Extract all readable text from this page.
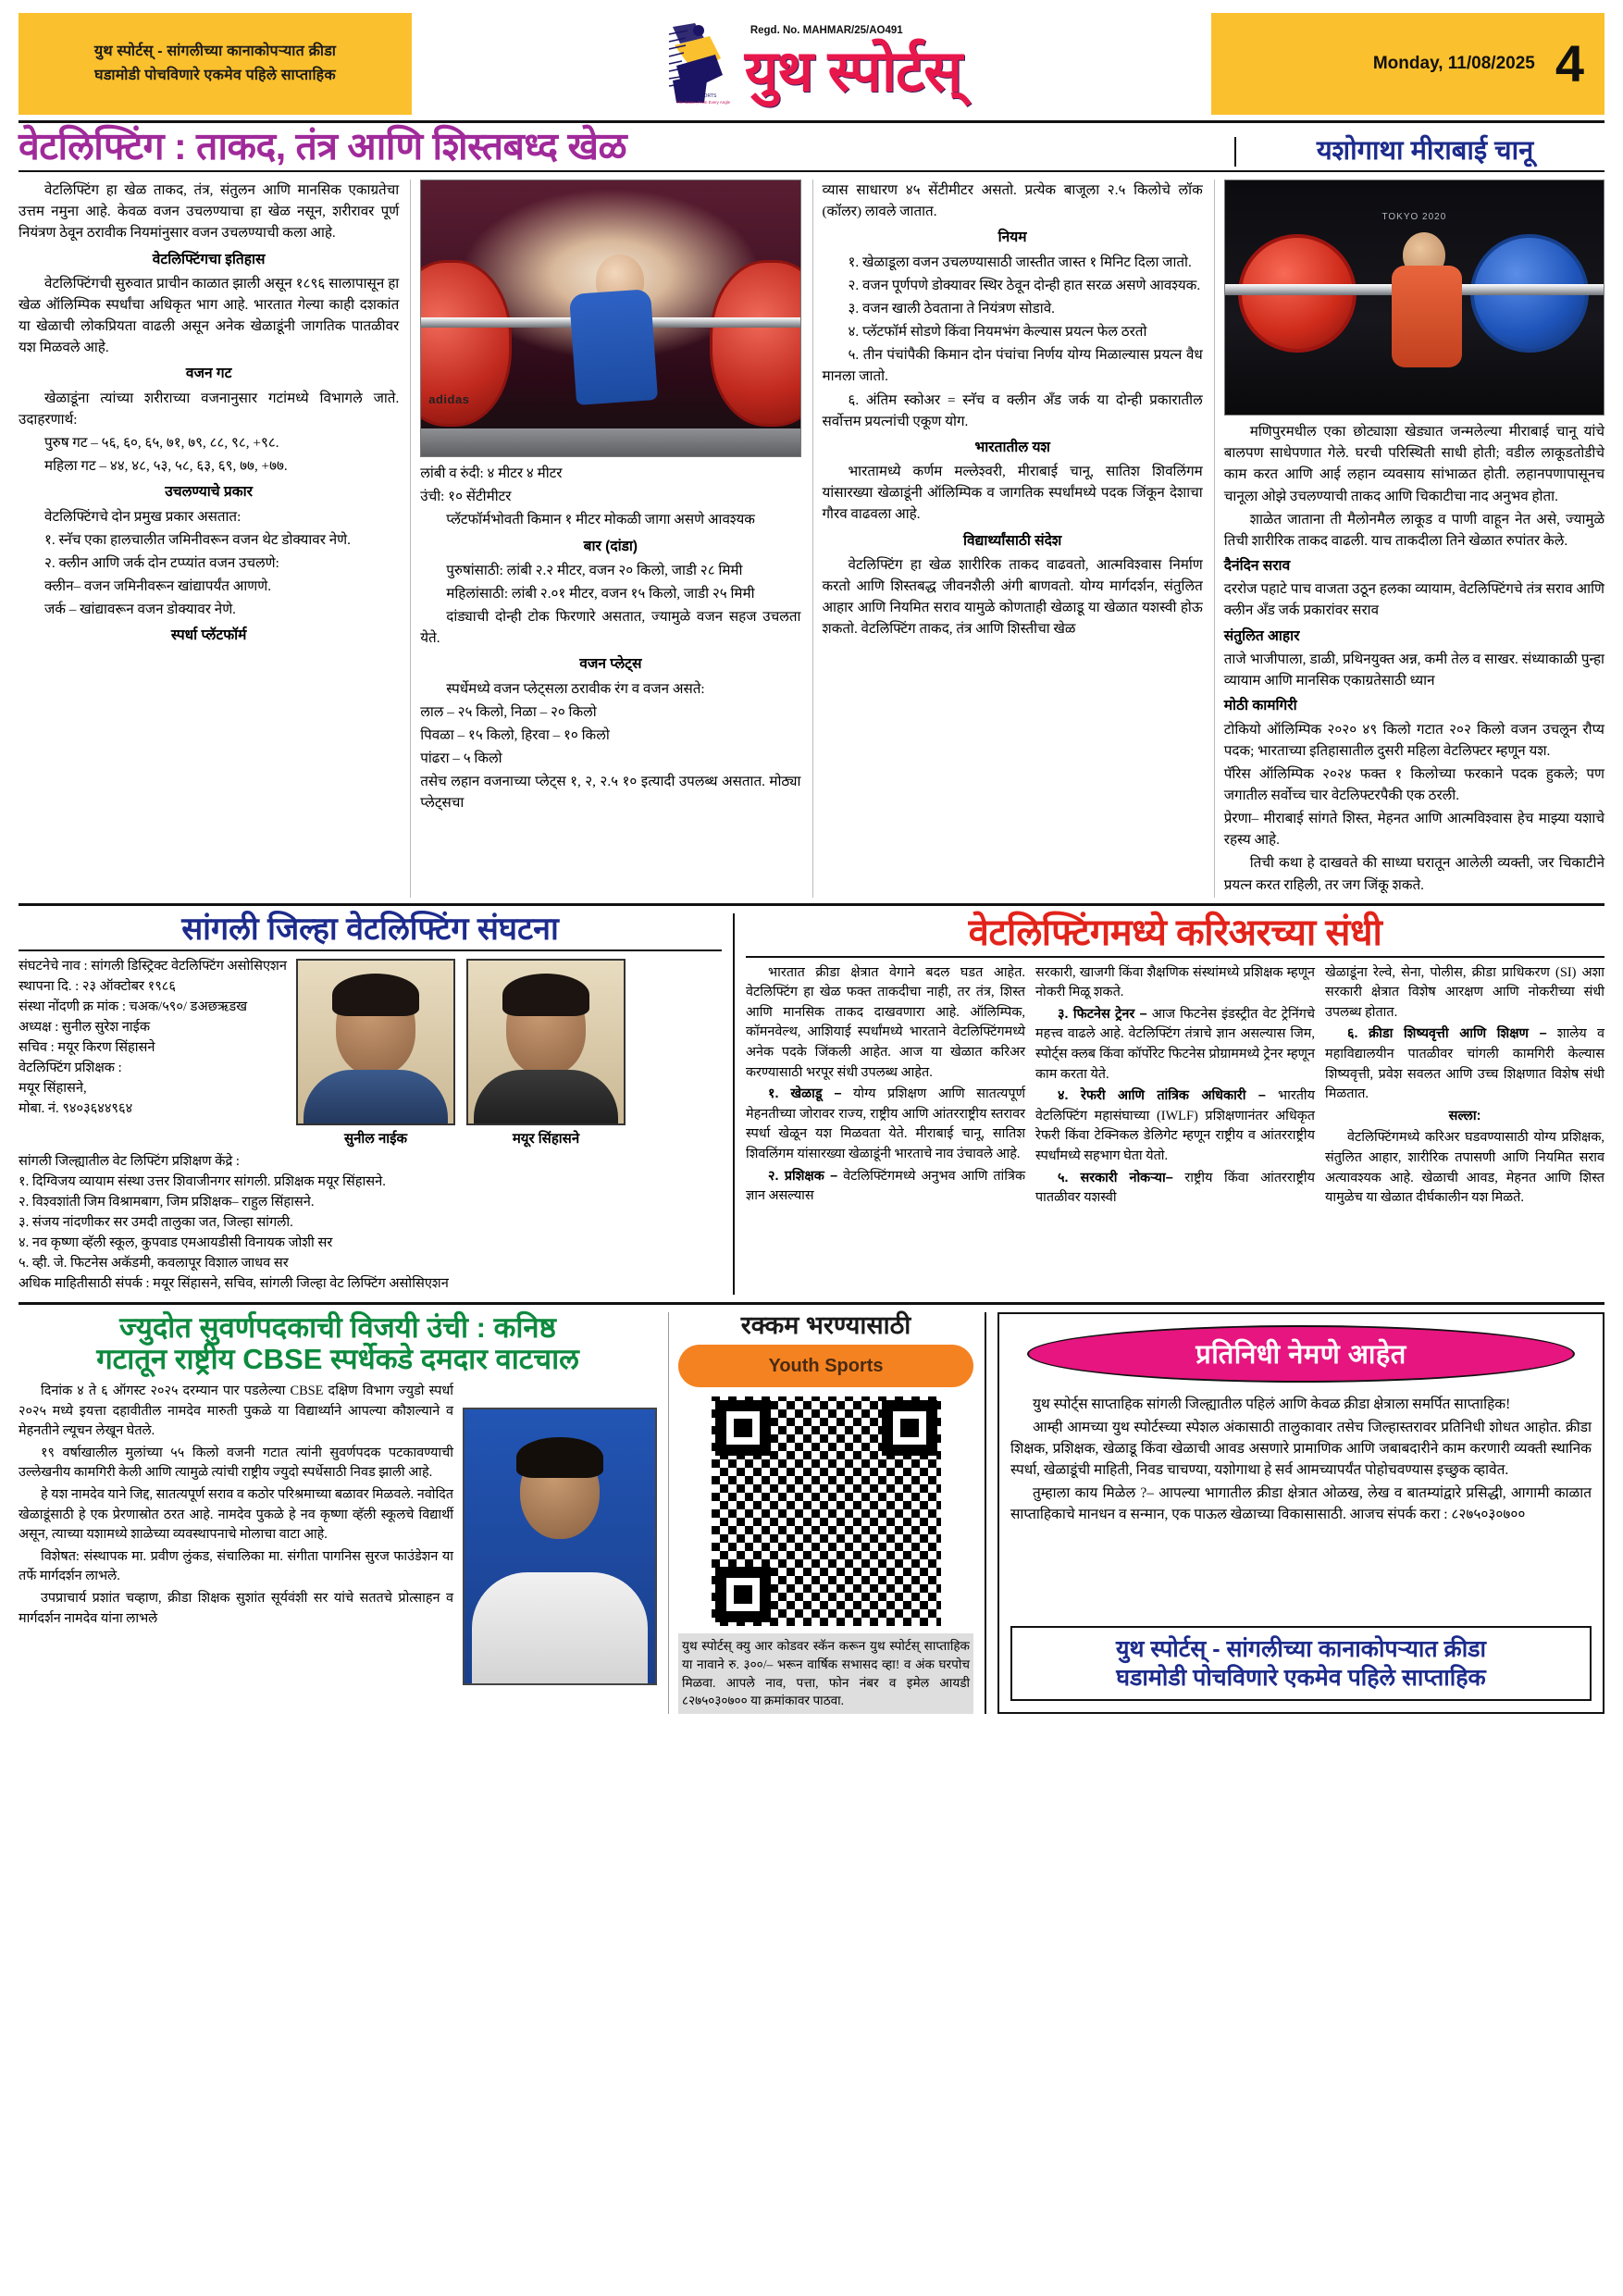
युथ स्पोर्टस् - सांगलीच्या कानाकोपऱ्यात क्रीडा
घडामोडी पोचविणारे एकमेव पहिले साप्ताहिक
YOUTH SPORTS
The Game, From Every Angle
Regd. No. MAHMAR/25/AO491
युथ स्पोर्टस्	Monday, 11/08/2025 4
वेटलिफ्टिंग : ताकद, तंत्र आणि शिस्तबध्द खेळ	यशोगाथा मीराबाई चानू

वेटलिफ्टिंग हा खेळ ताकद, तंत्र, संतुलन आणि मानसिक एकाग्रतेचा उत्तम नमुना आहे. केवळ वजन उचलण्याचा हा खेळ नसून, शरीरावर पूर्ण नियंत्रण ठेवून ठरावीक नियमांनुसार वजन उचलण्याची कला आहे.

वेटलिफ्टिंगचा इतिहास

वेटलिफ्टिंगची सुरुवात प्राचीन काळात झाली असून १८९६ सालापासून हा खेळ ऑलिम्पिक स्पर्धांचा अधिकृत भाग आहे. भारतात गेल्या काही दशकांत या खेळाची लोकप्रियता वाढली असून अनेक खेळाडूंनी जागतिक पातळीवर यश मिळवले आहे.

वजन गट

खेळाडूंना त्यांच्या शरीराच्या वजनानुसार गटांमध्ये विभागले जाते. उदाहरणार्थ:

पुरुष गट – ५६, ६०, ६५, ७१, ७९, ८८, ९८, +९८.

महिला गट – ४४, ४८, ५३, ५८, ६३, ६९, ७७, +७७.

उचलण्याचे प्रकार

वेटलिफ्टिंगचे दोन प्रमुख प्रकार असतात:

१. स्नॅच एका हालचालीत जमिनीवरून वजन थेट डोक्यावर नेणे.

२. क्लीन आणि जर्क दोन टप्प्यांत वजन उचलणे:

क्लीन– वजन जमिनीवरून खांद्यापर्यंत आणणे.

जर्क – खांद्यावरून वजन डोक्यावर नेणे.

स्पर्धा प्लॅटफॉर्म
adidas

लांबी व रुंदी: ४ मीटर ४ मीटर

उंची: १० सेंटीमीटर

प्लॅटफॉर्मभोवती किमान १ मीटर मोकळी जागा असणे आवश्यक

बार (दांडा)

पुरुषांसाठी: लांबी २.२ मीटर, वजन २० किलो, जाडी २८ मिमी

महिलांसाठी: लांबी २.०१ मीटर, वजन १५ किलो, जाडी २५ मिमी

दांड्याची दोन्ही टोक फिरणारे असतात, ज्यामुळे वजन सहज उचलता येते.

वजन प्लेट्स

स्पर्धेमध्ये वजन प्लेट्सला ठरावीक रंग व वजन असते:

लाल – २५ किलो, निळा – २० किलो

पिवळा – १५ किलो, हिरवा – १० किलो

पांढरा – ५ किलो

तसेच लहान वजनाच्या प्लेट्स १, २, २.५ १० इत्यादी उपलब्ध असतात. मोठ्या प्लेट्सचा

व्यास साधारण ४५ सेंटीमीटर असतो. प्रत्येक बाजूला २.५ किलोचे लॉक (कॉलर) लावले जातात.

नियम

१. खेळाडूला वजन उचलण्यासाठी जास्तीत जास्त १ मिनिट दिला जातो.

२. वजन पूर्णपणे डोक्यावर स्थिर ठेवून दोन्ही हात सरळ असणे आवश्यक.

३. वजन खाली ठेवताना ते नियंत्रण सोडावे.

४. प्लॅटफॉर्म सोडणे किंवा नियमभंग केल्यास प्रयत्न फेल ठरतो

५. तीन पंचांपैकी किमान दोन पंचांचा निर्णय योग्य मिळाल्यास प्रयत्न वैध मानला जातो.

६. अंतिम स्कोअर = स्नॅच व क्लीन अँड जर्क या दोन्ही प्रकारातील सर्वोत्तम प्रयत्नांची एकूण योग.

भारतातील यश

भारतामध्ये कर्णम मल्लेश्वरी, मीराबाई चानू, सातिश शिवलिंगम यांसारख्या खेळाडूंनी ऑलिम्पिक व जागतिक स्पर्धांमध्ये पदक जिंकून देशाचा गौरव वाढवला आहे.

विद्यार्थ्यांसाठी संदेश

वेटलिफ्टिंग हा खेळ शारीरिक ताकद वाढवतो, आत्मविश्वास निर्माण करतो आणि शिस्तबद्ध जीवनशैली अंगी बाणवतो. योग्य मार्गदर्शन, संतुलित आहार आणि नियमित सराव यामुळे कोणताही खेळाडू या खेळात यशस्वी होऊ शकतो. वेटलिफ्टिंग ताकद, तंत्र आणि शिस्तीचा खेळ

TOKYO 2020

मणिपुरमधील एका छोट्याशा खेड्यात जन्मलेल्या मीराबाई चानू यांचे बालपण साधेपणात गेले. घरची परिस्थिती साधी होती; वडील लाकूडतोडीचे काम करत आणि आई लहान व्यवसाय सांभाळत होती. लहानपणापासूनच चानूला ओझे उचलण्याची ताकद आणि चिकाटीचा नाद अनुभव होता.

शाळेत जाताना ती मैलोनमैल लाकूड व पाणी वाहून नेत असे, ज्यामुळे तिची शारीरिक ताकद वाढली. याच ताकदीला तिने खेळात रुपांतर केले.

दैनंदिन सराव

दररोज पहाटे पाच वाजता उठून हलका व्यायाम, वेटलिफ्टिंगचे तंत्र सराव आणि क्लीन अँड जर्क प्रकारांवर सराव

संतुलित आहार

ताजे भाजीपाला, डाळी, प्रथिनयुक्त अन्न, कमी तेल व साखर. संध्याकाळी पुन्हा व्यायाम आणि मानसिक एकाग्रतेसाठी ध्यान

मोठी कामगिरी

टोकियो ऑलिम्पिक २०२० ४९ किलो गटात २०२ किलो वजन उचलून रौप्य पदक; भारताच्या इतिहासातील दुसरी महिला वेटलिफ्टर म्हणून यश.

पॅरिस ऑलिम्पिक २०२४ फक्त १ किलोच्या फरकाने पदक हुकले; पण जगातील सर्वोच्च चार वेटलिफ्टरपैकी एक ठरली.

प्रेरणा– मीराबाई सांगते शिस्त, मेहनत आणि आत्मविश्वास हेच माझ्या यशाचे रहस्य आहे.

तिची कथा हे दाखवते की साध्या घरातून आलेली व्यक्ती, जर चिकाटीने प्रयत्न करत राहिली, तर जग जिंकू शकते.

सांगली जिल्हा वेटलिफ्टिंग संघटना
संघटनेचे नाव : सांगली डिस्ट्रिक्ट वेटलिफ्टिंग असोसिएशन
स्थापना दि. : २३ ऑक्टोबर १९८६
संस्था नोंदणी क्र मांक : चअक/५९०/ डअछऋडख
अध्यक्ष : सुनील सुरेश नाईक
सचिव : मयूर किरण सिंहासने
वेटलिफ्टिंग प्रशिक्षक :
मयूर सिंहासने,
मोबा. नं. ९४०३६४४९६४
सुनील नाईक	मयूर सिंहासने
सांगली जिल्ह्यातील वेट लिफ्टिंग प्रशिक्षण केंद्रे :
१. दिग्विजय व्यायाम संस्था उत्तर शिवाजीनगर सांगली. प्रशिक्षक मयूर सिंहासने.
२. विश्वशांती जिम विश्रामबाग, जिम प्रशिक्षक– राहुल सिंहासने.
३. संजय नांदणीकर सर उमदी तालुका जत, जिल्हा सांगली.
४. नव कृष्णा व्हॅली स्कूल, कुपवाड एमआयडीसी विनायक जोशी सर
५. व्ही. जे. फिटनेस अकॅडमी, कवलापूर विशाल जाधव सर
अधिक माहितीसाठी संपर्क : मयूर सिंहासने, सचिव, सांगली जिल्हा वेट लिफ्टिंग असोसिएशन
वेटलिफ्टिंगमध्ये करिअरच्या संधी

भारतात क्रीडा क्षेत्रात वेगाने बदल घडत आहेत. वेटलिफ्टिंग हा खेळ फक्त ताकदीचा नाही, तर तंत्र, शिस्त आणि मानसिक ताकद दाखवणारा आहे. ऑलिम्पिक, कॉमनवेल्थ, आशियाई स्पर्धांमध्ये भारताने वेटलिफ्टिंगमध्ये अनेक पदके जिंकली आहेत. आज या खेळात करिअर करण्यासाठी भरपूर संधी उपलब्ध आहेत.

१. खेळाडू – योग्य प्रशिक्षण आणि सातत्यपूर्ण मेहनतीच्या जोरावर राज्य, राष्ट्रीय आणि आंतरराष्ट्रीय स्तरावर स्पर्धा खेळून यश मिळवता येते. मीराबाई चानू, सातिश शिवलिंगम यांसारख्या खेळाडूंनी भारताचे नाव उंचावले आहे.

२. प्रशिक्षक – वेटलिफ्टिंगमध्ये अनुभव आणि तांत्रिक ज्ञान असल्यास

सरकारी, खाजगी किंवा शैक्षणिक संस्थांमध्ये प्रशिक्षक म्हणून नोकरी मिळू शकते.

३. फिटनेस ट्रेनर – आज फिटनेस इंडस्ट्रीत वेट ट्रेनिंगचे महत्त्व वाढले आहे. वेटलिफ्टिंग तंत्राचे ज्ञान असल्यास जिम, स्पोर्ट्स क्लब किंवा कॉर्पोरेट फिटनेस प्रोग्राममध्ये ट्रेनर म्हणून काम करता येते.

४. रेफरी आणि तांत्रिक अधिकारी – भारतीय वेटलिफ्टिंग महासंघाच्या (IWLF) प्रशिक्षणानंतर अधिकृत रेफरी किंवा टेक्निकल डेलिगेट म्हणून राष्ट्रीय व आंतरराष्ट्रीय स्पर्धांमध्ये सहभाग घेता येतो.

५. सरकारी नोकऱ्या– राष्ट्रीय किंवा आंतरराष्ट्रीय पातळीवर यशस्वी

खेळाडूंना रेल्वे, सेना, पोलीस, क्रीडा प्राधिकरण (SI) अशा सरकारी क्षेत्रात विशेष आरक्षण आणि नोकरीच्या संधी उपलब्ध होतात.

६. क्रीडा शिष्यवृत्ती आणि शिक्षण – शालेय व महाविद्यालयीन पातळीवर चांगली कामगिरी केल्यास शिष्यवृत्ती, प्रवेश सवलत आणि उच्च शिक्षणात विशेष संधी मिळतात.

सल्ला:

वेटलिफ्टिंगमध्ये करिअर घडवण्यासाठी योग्य प्रशिक्षक, संतुलित आहार, शारीरिक तपासणी आणि नियमित सराव अत्यावश्यक आहे. खेळाची आवड, मेहनत आणि शिस्त यामुळेच या खेळात दीर्घकालीन यश मिळते.

ज्युदोत सुवर्णपदकाची विजयी उंची : कनिष्ठ
गटातून राष्ट्रीय CBSE स्पर्धेकडे दमदार वाटचाल

दिनांक ४ ते ६ ऑगस्ट २०२५ दरम्यान पार पडलेल्या CBSE दक्षिण विभाग ज्युडो स्पर्धा २०२५ मध्ये इयत्ता दहावीतील नामदेव मारुती पुकळे या विद्यार्थ्याने आपल्या कौशल्याने व मेहनतीने ल्यूचन लेखून घेतले.

१९ वर्षाखालील मुलांच्या ५५ किलो वजनी गटात त्यांनी सुवर्णपदक पटकावण्याची उल्लेखनीय कामगिरी केली आणि त्यामुळे त्यांची राष्ट्रीय ज्युदो स्पर्धेसाठी निवड झाली आहे.

हे यश नामदेव याने जिद्द, सातत्यपूर्ण सराव व कठोर परिश्रमाच्या बळावर मिळवले. नवोदित खेळाडूंसाठी हे एक प्रेरणास्रोत ठरत आहे. नामदेव पुकळे हे नव कृष्णा व्हॅली स्कूलचे विद्यार्थी असून, त्याच्या यशामध्ये शाळेच्या व्यवस्थापनाचे मोलाचा वाटा आहे.

विशेषत: संस्थापक मा. प्रवीण लुंकड, संचालिका मा. संगीता पागनिस सुरज फाउंडेशन या तर्फे मार्गदर्शन लाभले.

उपप्राचार्य प्रशांत चव्हाण, क्रीडा शिक्षक सुशांत सूर्यवंशी सर यांचे सततचे प्रोत्साहन व मार्गदर्शन नामदेव यांना लाभले

रक्कम भरण्यासाठी
Youth Sports
युथ स्पोर्टस् क्यु आर कोडवर स्कॅन करून युथ स्पोर्टस् साप्ताहिक या नावाने रु. ३००/– भरून वार्षिक सभासद व्हा! व अंक घरपोच मिळवा. आपले नाव, पत्ता, फोन नंबर व इमेल आयडी ८२७५०३०७०० या क्रमांकावर पाठवा.
प्रतिनिधी नेमणे आहेत

युथ स्पोर्ट्स साप्ताहिक सांगली जिल्ह्यातील पहिलं आणि केवळ क्रीडा क्षेत्राला समर्पित साप्ताहिक!

आम्ही आमच्या युथ स्पोर्टस्च्या स्पेशल अंकासाठी तालुकावार तसेच जिल्हास्तरावर प्रतिनिधी शोधत आहोत. क्रीडा शिक्षक, प्रशिक्षक, खेळाडू किंवा खेळाची आवड असणारे प्रामाणिक आणि जबाबदारीने काम करणारी व्यक्ती स्थानिक स्पर्धा, खेळाडूंची माहिती, निवड चाचण्या, यशोगाथा हे सर्व आमच्यापर्यंत पोहोचवण्यास इच्छुक व्हावेत.

तुम्हाला काय मिळेल ?– आपल्या भागातील क्रीडा क्षेत्रात ओळख, लेख व बातम्यांद्वारे प्रसिद्धी, आगामी काळात साप्ताहिकाचे मानधन व सन्मान, एक पाऊल खेळाच्या विकासासाठी. आजच संपर्क करा : ८२७५०३०७००

युथ स्पोर्टस् - सांगलीच्या कानाकोपऱ्यात क्रीडा
घडामोडी पोचविणारे एकमेव पहिले साप्ताहिक
